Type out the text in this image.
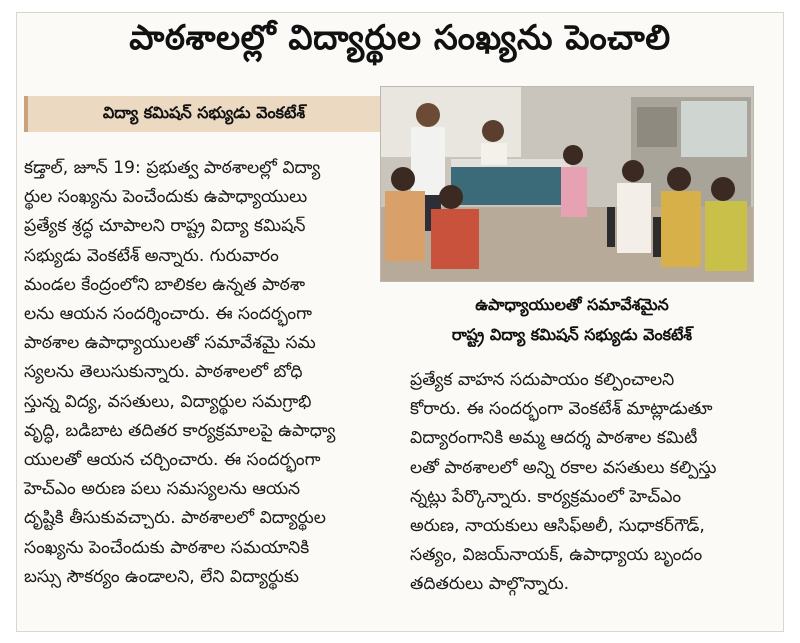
పాఠశాలల్లో విద్యార్థుల సంఖ్యను పెంచాలి
విద్యా కమిషన్ సభ్యుడు వెంకటేశ్

కడ్తాల్, జూన్ 19: ప్రభుత్వ పాఠశాలల్లో విద్యా

ర్థుల సంఖ్యను పెంచేందుకు ఉపాధ్యాయులు

ప్రత్యేక శ్రద్ధ చూపాలని రాష్ట్ర విద్యా కమిషన్

సభ్యుడు వెంకటేశ్ అన్నారు. గురువారం

మండల కేంద్రంలోని బాలికల ఉన్నత పాఠశా

లను ఆయన సందర్శించారు. ఈ సందర్భంగా

పాఠశాల ఉపాధ్యాయులతో సమావేశమై సమ

స్యలను తెలుసుకున్నారు. పాఠశాలలో బోధి

స్తున్న విద్య, వసతులు, విద్యార్థుల సమగ్రాభి

వృద్ధి, బడిబాట తదితర కార్యక్రమాలపై ఉపాధ్యా

యులతో ఆయన చర్చించారు. ఈ సందర్భంగా

హెచ్‌ఎం అరుణ పలు సమస్యలను ఆయన

దృష్టికి తీసుకువచ్చారు. పాఠశాలలో విద్యార్థుల

సంఖ్యను పెంచేందుకు పాఠశాల సమయానికి

బస్సు సౌకర్యం ఉండాలని, లేని విద్యార్థుకు

ఉపాధ్యాయులతో సమావేశమైన
రాష్ట్ర విద్యా కమిషన్ సభ్యుడు వెంకటేశ్

ప్రత్యేక వాహన సదుపాయం కల్పించాలని

కోరారు. ఈ సందర్భంగా వెంకటేశ్ మాట్లాడుతూ

విద్యారంగానికి అమ్మ ఆదర్శ పాఠశాల కమిటీ

లతో పాఠశాలలో అన్ని రకాల వసతులు కల్పిస్తు

న్నట్లు పేర్కొన్నారు. కార్యక్రమంలో హెచ్‌ఎం

అరుణ, నాయకులు ఆసిఫ్‌అలీ, సుధాకర్‌గౌడ్,

సత్యం, విజయ్‌నాయక్, ఉపాధ్యాయ బృందం

తదితరులు పాల్గొన్నారు.
